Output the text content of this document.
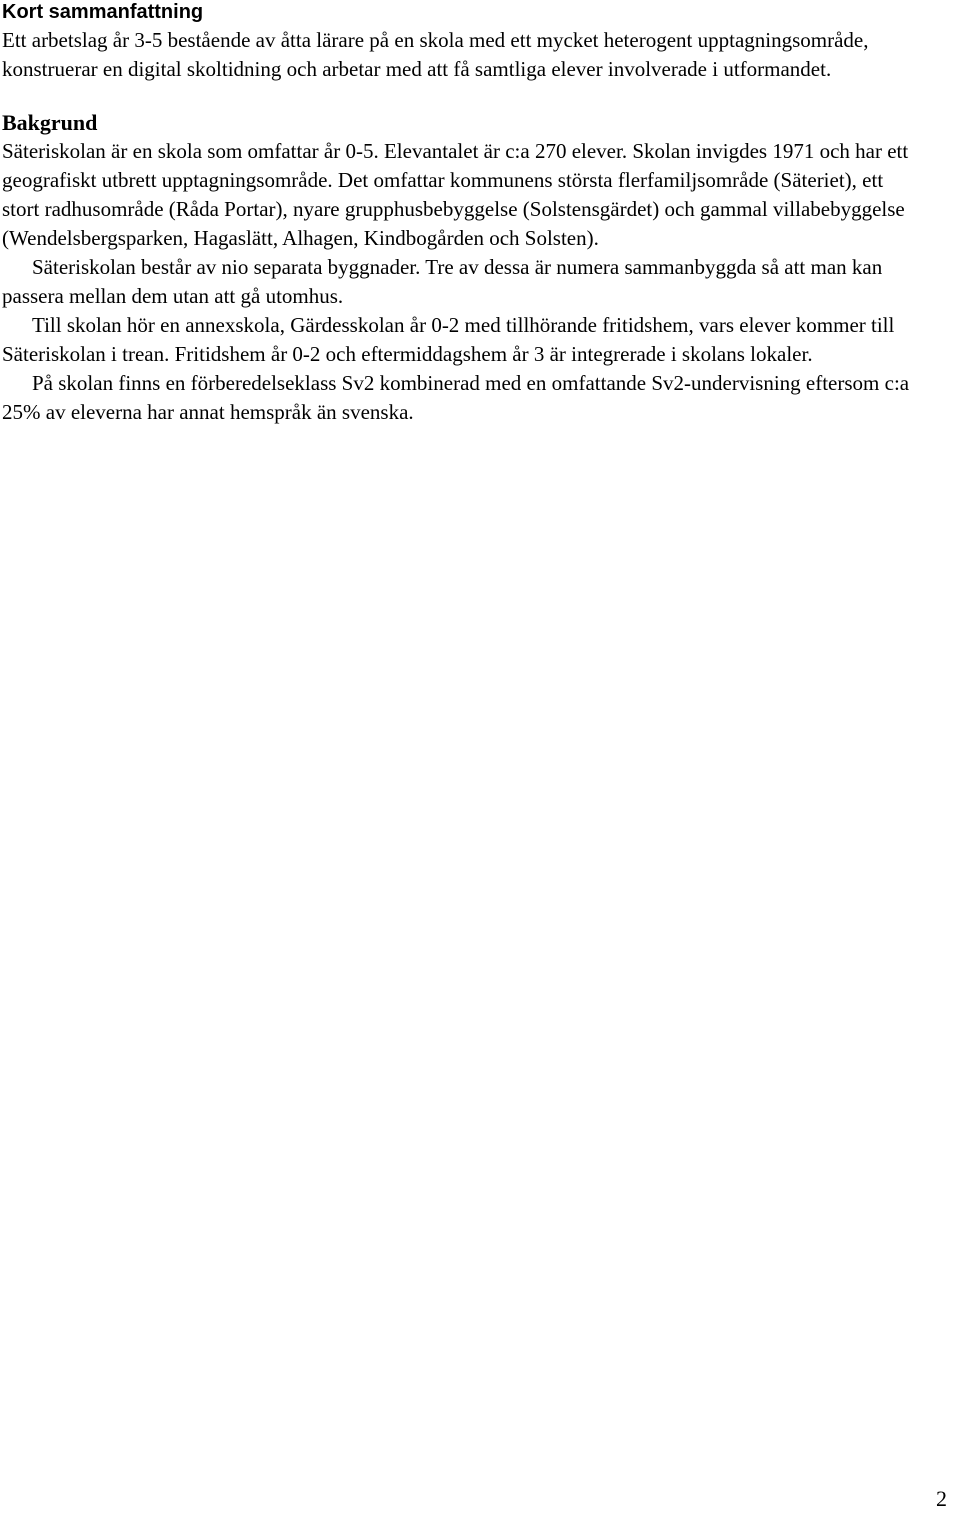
Kort sammanfattning

Ett arbetslag år 3-5 bestående av åtta lärare på en skola med ett mycket heterogent upptagningsområde, konstruerar en digital skoltidning och arbetar med att få samtliga elever involverade i utformandet.

Bakgrund

Säteriskolan är en skola som omfattar år 0-5. Elevantalet är c:a 270 elever. Skolan invigdes 1971 och har ett geografiskt utbrett upptagningsområde. Det omfattar kommunens största flerfamiljsområde (Säteriet), ett stort radhusområde (Råda Portar), nyare grupphusbebyggelse (Solstensgärdet) och gammal villabebyggelse (Wendelsbergsparken, Hagaslätt, Alhagen, Kindbogården och Solsten).

Säteriskolan består av nio separata byggnader. Tre av dessa är numera sammanbyggda så att man kan passera mellan dem utan att gå utomhus.

Till skolan hör en annexskola, Gärdesskolan år 0-2 med tillhörande fritidshem, vars elever kommer till Säteriskolan i trean. Fritidshem år 0-2 och eftermiddagshem år 3 är integrerade i skolans lokaler.

På skolan finns en förberedelseklass Sv2 kombinerad med en omfattande Sv2-undervisning eftersom c:a 25% av eleverna har annat hemspråk än svenska.

2
